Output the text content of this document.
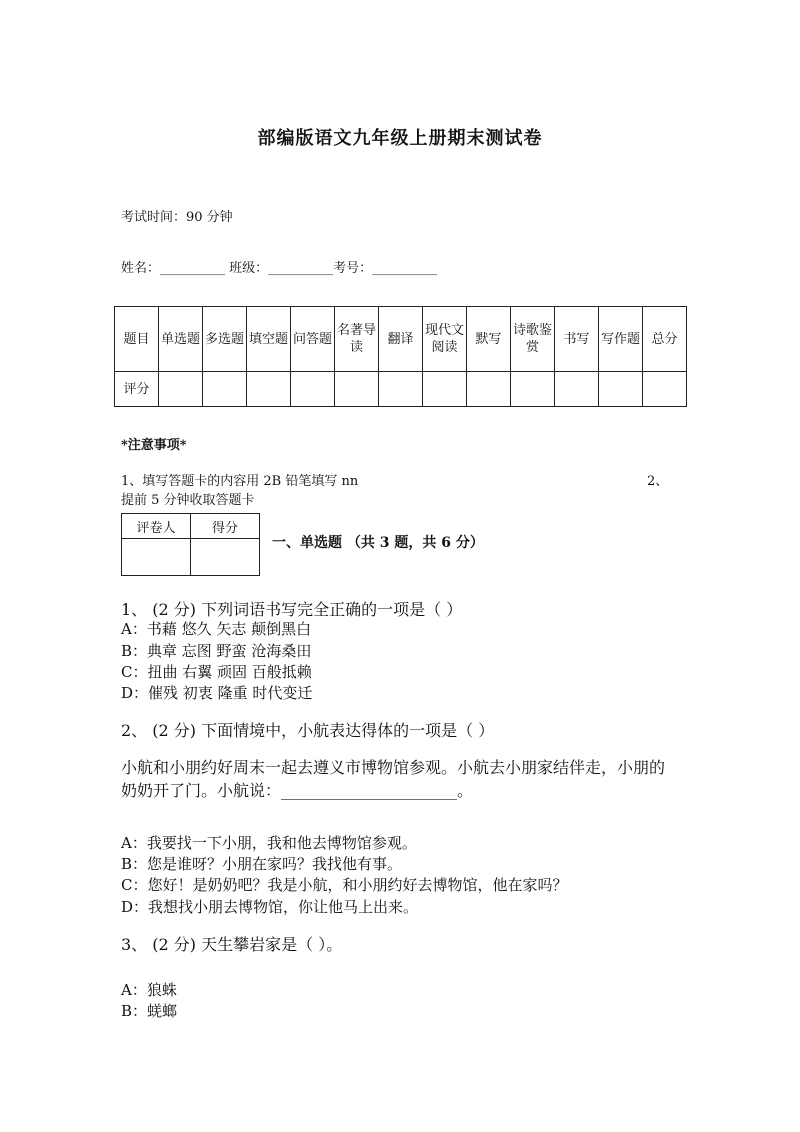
部编版语文九年级上册期末测试卷
考试时间：90 分钟
姓名：__________ 班级：__________考号：__________
题目	单选题	多选题	填空题	问答题	名著导读	翻译	现代文阅读	默写	诗歌鉴赏	书写	写作题	总分
评分												
*注意事项*
1、填写答题卡的内容用 2B 铅笔填写 nn	2、
提前 5 分钟收取答题卡
评卷人	得分

一、单选题 （共 3 题，共 6 分）
1、 (2 分) 下列词语书写完全正确的一项是（ ）
A：书藉 悠久 矢志 颠倒黑白
B：典章 忘图 野蛮 沧海桑田
C：扭曲 右翼 顽固 百般抵赖
D：催残 初衷 隆重 时代变迁
2、 (2 分) 下面情境中，小航表达得体的一项是（ ）
小航和小朋约好周末一起去遵义市博物馆参观。小航去小朋家结伴走，小朋的
奶奶开了门。小航说：______________________。
A：我要找一下小朋，我和他去博物馆参观。
B：您是谁呀？小朋在家吗？我找他有事。
C：您好！是奶奶吧？我是小航，和小朋约好去博物馆，他在家吗？
D：我想找小朋去博物馆，你让他马上出来。
3、 (2 分) 天生攀岩家是（ ）。
A：狼蛛
B：蜣螂
